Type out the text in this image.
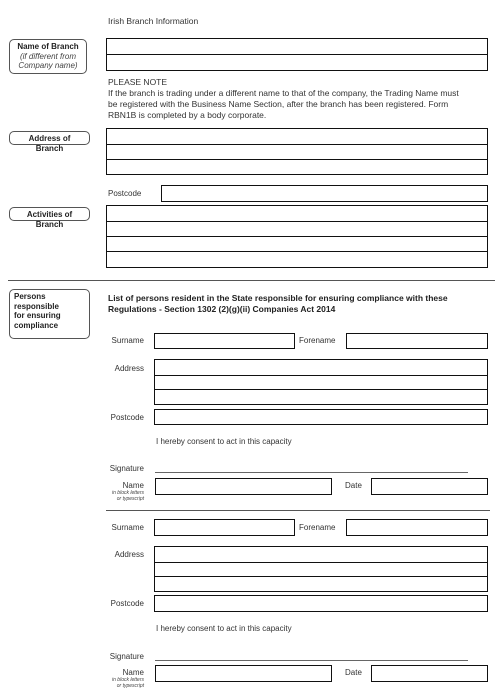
Irish Branch Information
Name of Branch
(if different from
Company name)
PLEASE NOTE
If the branch is trading under a different name to that of the company, the Trading Name must
be registered with the Business Name Section, after the branch has been registered. Form
RBN1B is completed by a body corporate.
Address of Branch
Postcode
Activities of Branch
Persons
responsible
for ensuring
compliance
List of persons resident in the State responsible for ensuring compliance with these
Regulations - Section 1302 (2)(g)(ii) Companies Act 2014
Surname	Forename
Address
Postcode
I hereby consent to act in this capacity
Signature
Name
in block letters
or typescript
Date
Surname	Forename
Address
Postcode
I hereby consent to act in this capacity
Signature
Name
in block letters
or typescript
Date
